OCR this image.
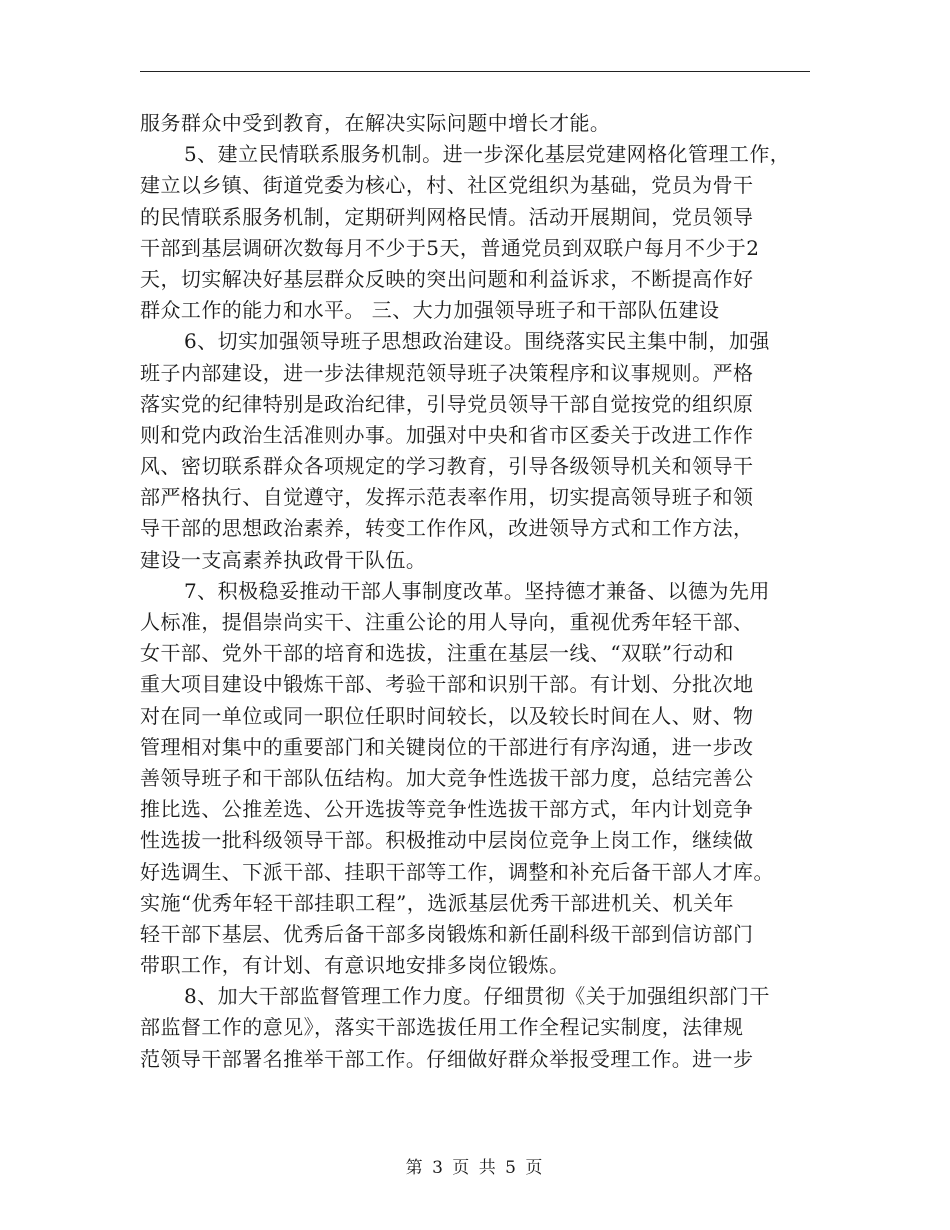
服务群众中受到教育，在解决实际问题中增长才能。
5、建立民情联系服务机制。进一步深化基层党建网格化管理工作，
建立以乡镇、街道党委为核心，村、社区党组织为基础，党员为骨干
的民情联系服务机制，定期研判网格民情。活动开展期间，党员领导
干部到基层调研次数每月不少于5天，普通党员到双联户每月不少于2
天，切实解决好基层群众反映的突出问题和利益诉求，不断提高作好
群众工作的能力和水平。 三、大力加强领导班子和干部队伍建设
6、切实加强领导班子思想政治建设。围绕落实民主集中制，加强
班子内部建设，进一步法律规范领导班子决策程序和议事规则。严格
落实党的纪律特别是政治纪律，引导党员领导干部自觉按党的组织原
则和党内政治生活准则办事。加强对中央和省市区委关于改进工作作
风、密切联系群众各项规定的学习教育，引导各级领导机关和领导干
部严格执行、自觉遵守，发挥示范表率作用，切实提高领导班子和领
导干部的思想政治素养，转变工作作风，改进领导方式和工作方法，
建设一支高素养执政骨干队伍。
7、积极稳妥推动干部人事制度改革。坚持德才兼备、以德为先用
人标准，提倡崇尚实干、注重公论的用人导向，重视优秀年轻干部、
女干部、党外干部的培育和选拔，注重在基层一线、“双联”行动和
重大项目建设中锻炼干部、考验干部和识别干部。有计划、分批次地
对在同一单位或同一职位任职时间较长，以及较长时间在人、财、物
管理相对集中的重要部门和关键岗位的干部进行有序沟通，进一步改
善领导班子和干部队伍结构。加大竞争性选拔干部力度，总结完善公
推比选、公推差选、公开选拔等竞争性选拔干部方式，年内计划竞争
性选拔一批科级领导干部。积极推动中层岗位竞争上岗工作，继续做
好选调生、下派干部、挂职干部等工作，调整和补充后备干部人才库。
实施“优秀年轻干部挂职工程”，选派基层优秀干部进机关、机关年
轻干部下基层、优秀后备干部多岗锻炼和新任副科级干部到信访部门
带职工作，有计划、有意识地安排多岗位锻炼。
8、加大干部监督管理工作力度。仔细贯彻《关于加强组织部门干
部监督工作的意见》，落实干部选拔任用工作全程记实制度，法律规
范领导干部署名推举干部工作。仔细做好群众举报受理工作。进一步
第 3 页 共 5 页
